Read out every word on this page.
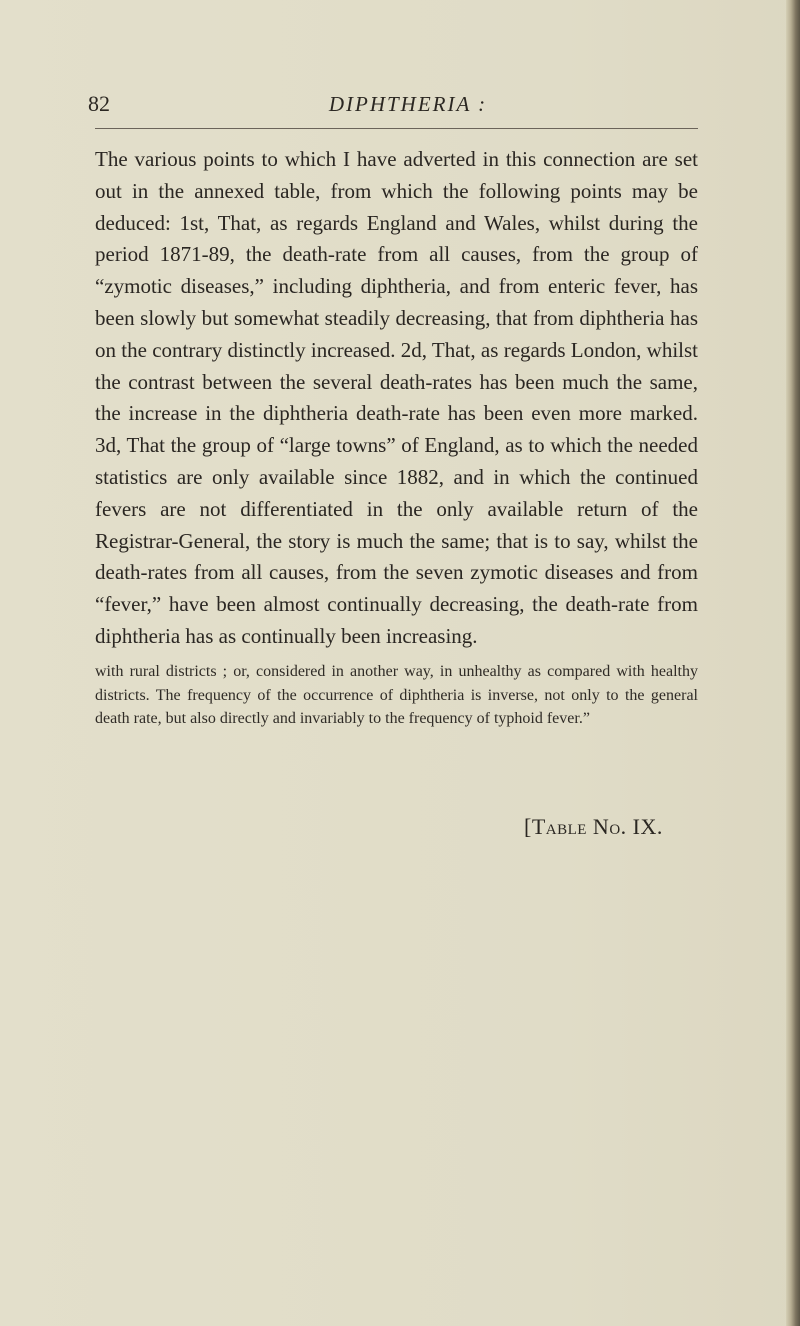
82	DIPHTHERIA :

The various points to which I have adverted in this connection are set out in the annexed table, from which the following points may be deduced: 1st, That, as regards England and Wales, whilst during the period 1871-89, the death-rate from all causes, from the group of “zymotic diseases,” including diphtheria, and from enteric fever, has been slowly but somewhat steadily decreasing, that from diphtheria has on the contrary distinctly increased. 2d, That, as regards London, whilst the contrast between the several death-rates has been much the same, the increase in the diphtheria death-rate has been even more marked. 3d, That the group of “large towns” of England, as to which the needed statistics are only available since 1882, and in which the continued fevers are not differentiated in the only available return of the Registrar-General, the story is much the same; that is to say, whilst the death-rates from all causes, from the seven zymotic diseases and from “fever,” have been almost continually decreasing, the death-rate from diphtheria has as continually been increasing.

with rural districts ; or, considered in another way, in unhealthy as compared with healthy districts. The frequency of the occurrence of diphtheria is inverse, not only to the general death rate, but also directly and invariably to the frequency of typhoid fever.”

[Table No. IX.
